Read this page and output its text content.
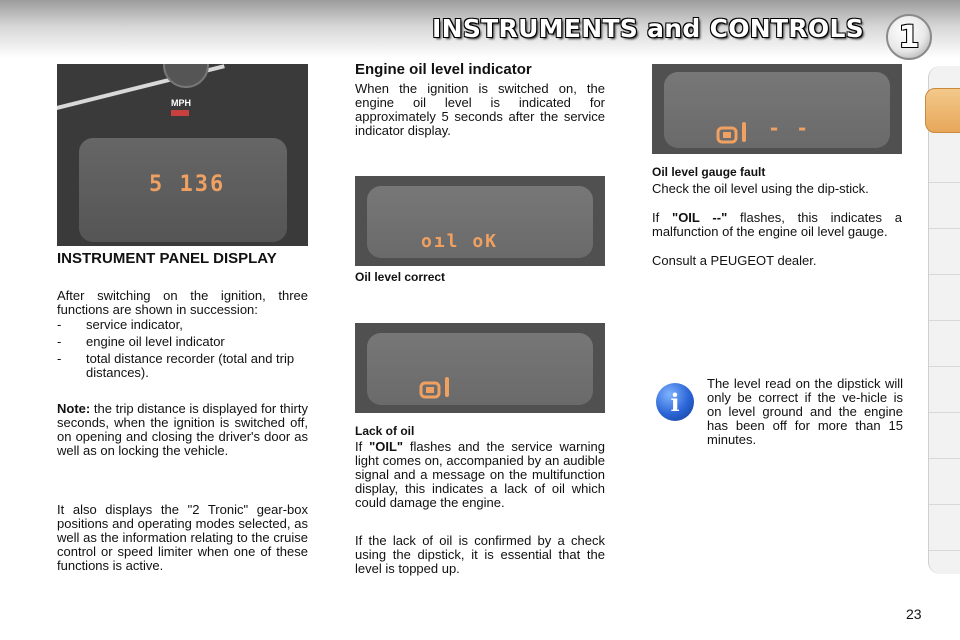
INSTRUMENTS and CONTROLS	1
MPH
5 136
INSTRUMENT PANEL DISPLAY
After switching on the ignition, three functions are shown in succession:
- service indicator,
- engine oil level indicator
- total distance recorder (total and trip distances).
Note: the trip distance is displayed for thirty seconds, when the ignition is switched off, on opening and closing the driver's door as well as on locking the vehicle.
It also displays the "2 Tronic" gear-box positions and operating modes selected, as well as the information relating to the cruise control or speed limiter when one of these functions is active.
Engine oil level indicator
When the ignition is switched on, the engine oil level is indicated for approximately 5 seconds after the service indicator display.
oıl oK
Oil level correct
Lack of oil
If "OIL" flashes and the service warning light comes on, accompanied by an audible signal and a message on the multifunction display, this indicates a lack of oil which could damage the engine.
If the lack of oil is confirmed by a check using the dipstick, it is essential that the level is topped up.
- -
Oil level gauge fault
Check the oil level using the dip-stick.
If "OIL --" flashes, this indicates a malfunction of the engine oil level gauge.
Consult a PEUGEOT dealer.
i
The level read on the dipstick will only be correct if the ve-hicle is on level ground and the engine has been off for more than 15 minutes.
23
